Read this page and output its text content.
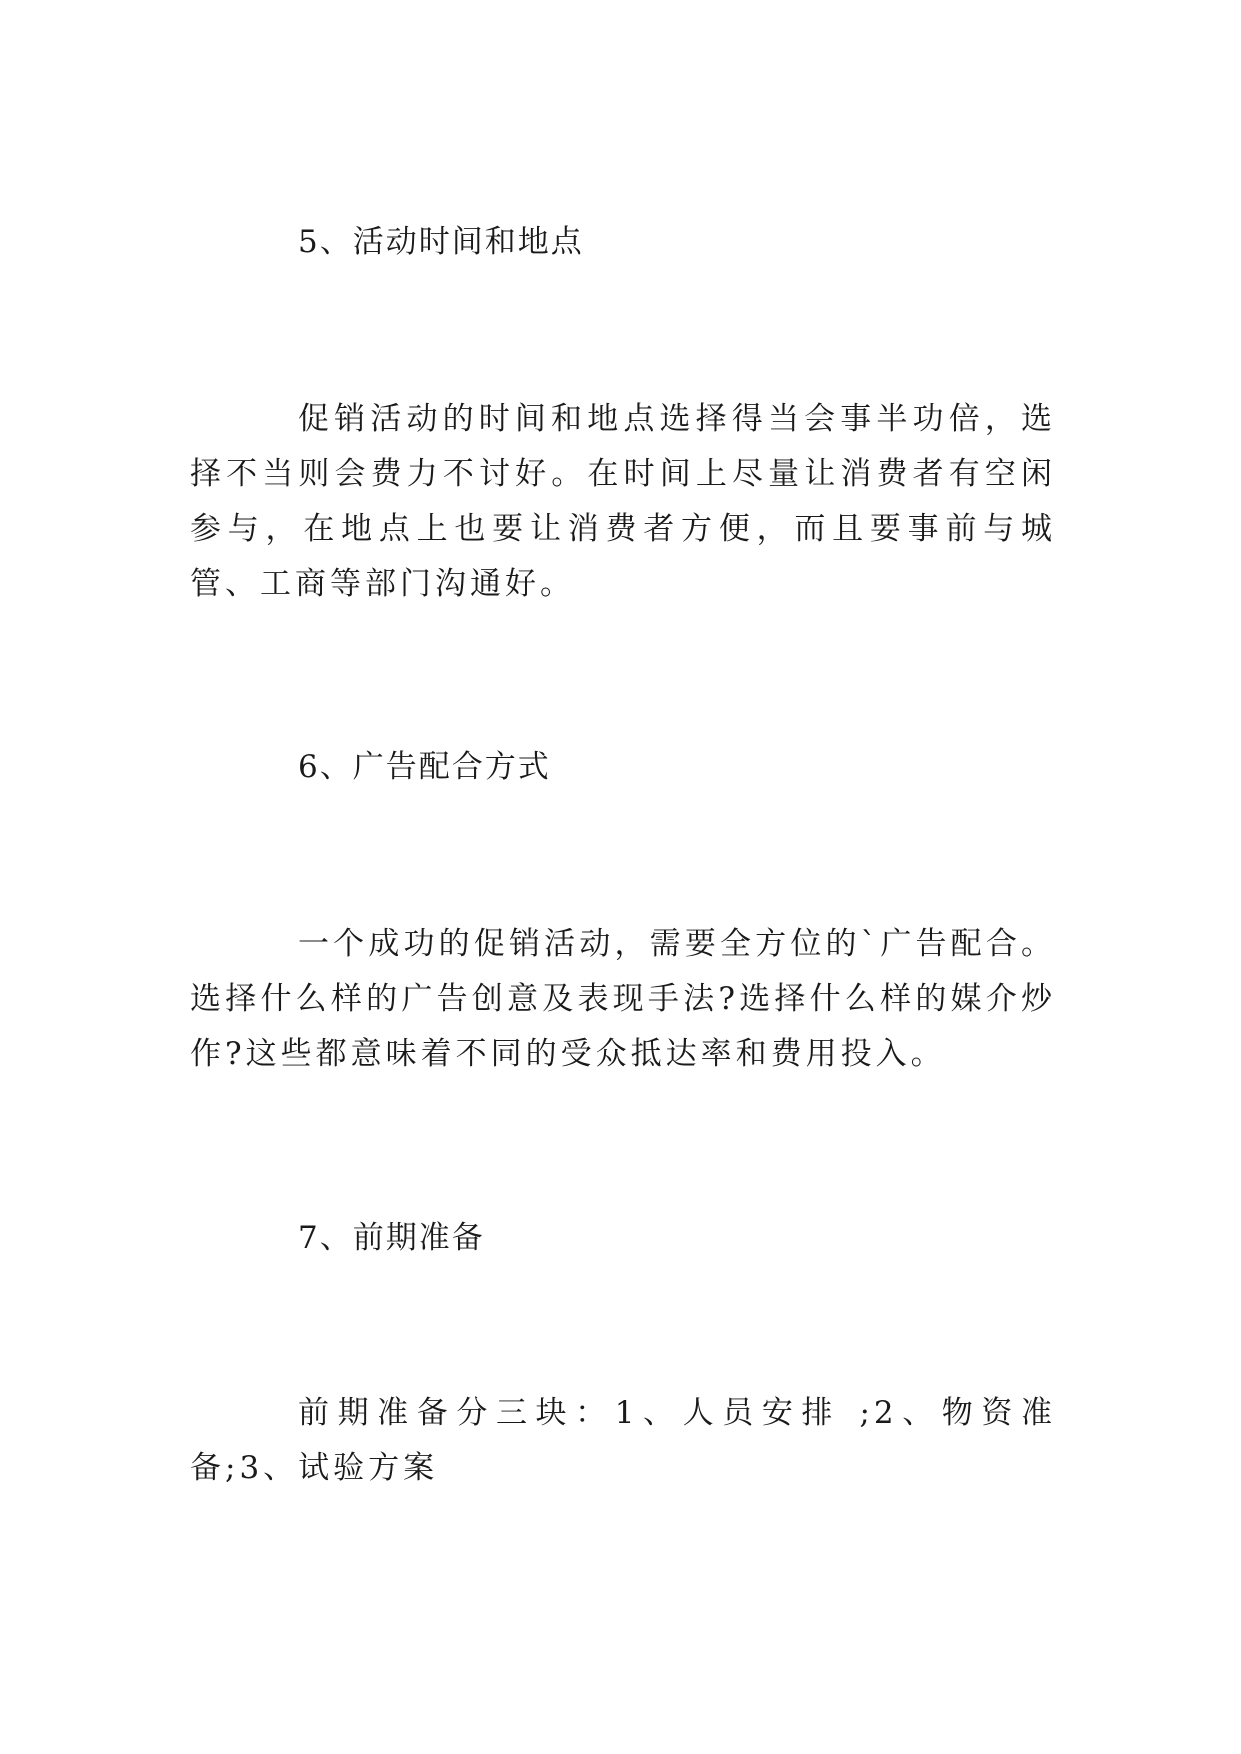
5、活动时间和地点

促销活动的时间和地点选择得当会事半功倍，选择不当则会费力不讨好。在时间上尽量让消费者有空闲参与，在地点上也要让消费者方便，而且要事前与城管、工商等部门沟通好。

6、广告配合方式

一个成功的促销活动，需要全方位的`广告配合。选择什么样的广告创意及表现手法?选择什么样的媒介炒作?这些都意味着不同的受众抵达率和费用投入。

7、前期准备

前期准备分三块：1、人员安排 ;2、物资准备;3、试验方案
